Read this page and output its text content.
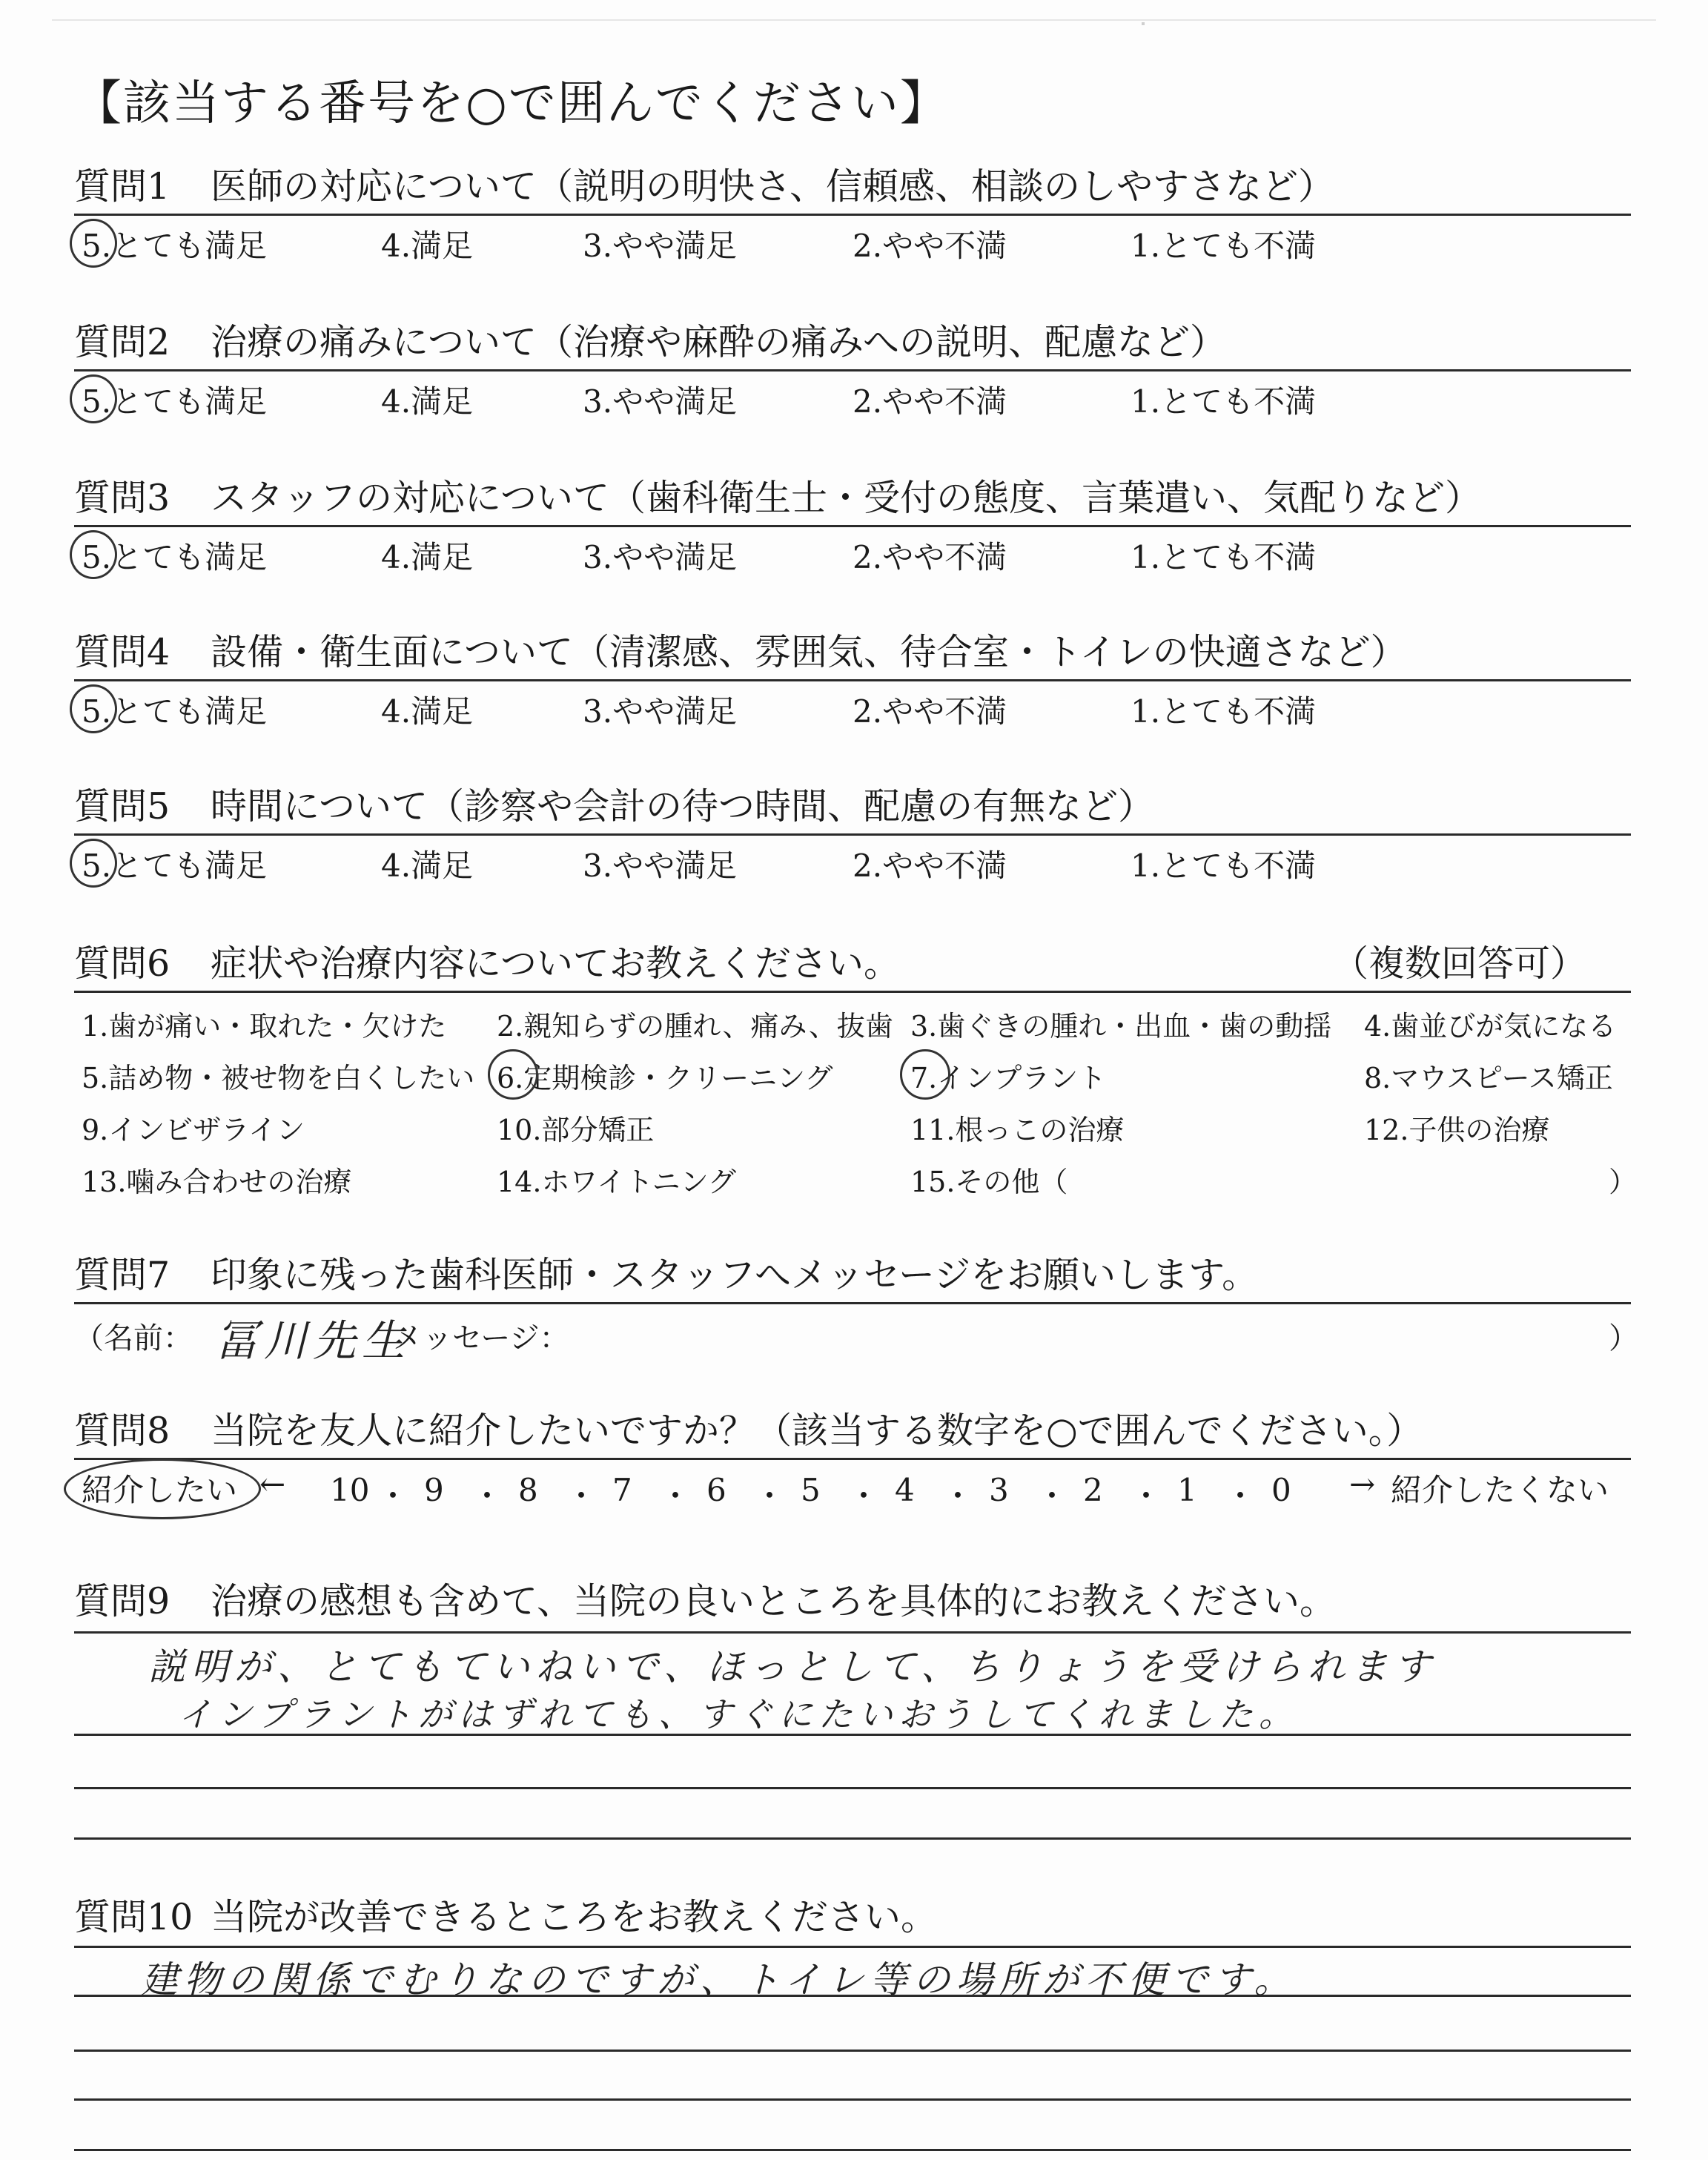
【該当する番号を○で囲んでください】
質問1 医師の対応について（説明の明快さ、信頼感、相談のしやすさなど）
5.とても満足	4.満足	3.やや満足	2.やや不満	1.とても不満
質問2 治療の痛みについて（治療や麻酔の痛みへの説明、配慮など）
5.とても満足	4.満足	3.やや満足	2.やや不満	1.とても不満
質問3 スタッフの対応について（歯科衛生士・受付の態度、言葉遣い、気配りなど）
5.とても満足	4.満足	3.やや満足	2.やや不満	1.とても不満
質問4 設備・衛生面について（清潔感、雰囲気、待合室・トイレの快適さなど）
5.とても満足	4.満足	3.やや満足	2.やや不満	1.とても不満
質問5 時間について（診察や会計の待つ時間、配慮の有無など）
5.とても満足	4.満足	3.やや満足	2.やや不満	1.とても不満
質問6 症状や治療内容についてお教えください。	（複数回答可）
1.歯が痛い・取れた・欠けた 2.親知らずの腫れ、痛み、抜歯 3.歯ぐきの腫れ・出血・歯の動揺 4.歯並びが気になる
5.詰め物・被せ物を白くしたい 6.定期検診・クリーニング	7.インプラント	8.マウスピース矯正
9.インビザライン	10.部分矯正	11.根っこの治療	12.子供の治療
13.噛み合わせの治療	14.ホワイトニング	15.その他（	）
質問7 印象に残った歯科医師・スタッフへメッセージをお願いします。
（名前： 冨川先生
メッセージ：	）
質問8 当院を友人に紹介したいですか？（該当する数字を○で囲んでください。）
紹介したい ← 10 ・ 9 ・ 8 ・ 7 ・ 6 ・ 5 ・ 4 ・ 3 ・ 2 ・ 1 ・ 0 → 紹介したくない
質問9 治療の感想も含めて、当院の良いところを具体的にお教えください。
説明が、とてもていねいで、ほっとして、ちりょうを受けられます
インプラントがはずれても、すぐにたいおうしてくれました。
質問10 当院が改善できるところをお教えください。
建物の関係でむりなのですが、トイレ等の場所が不便です。
